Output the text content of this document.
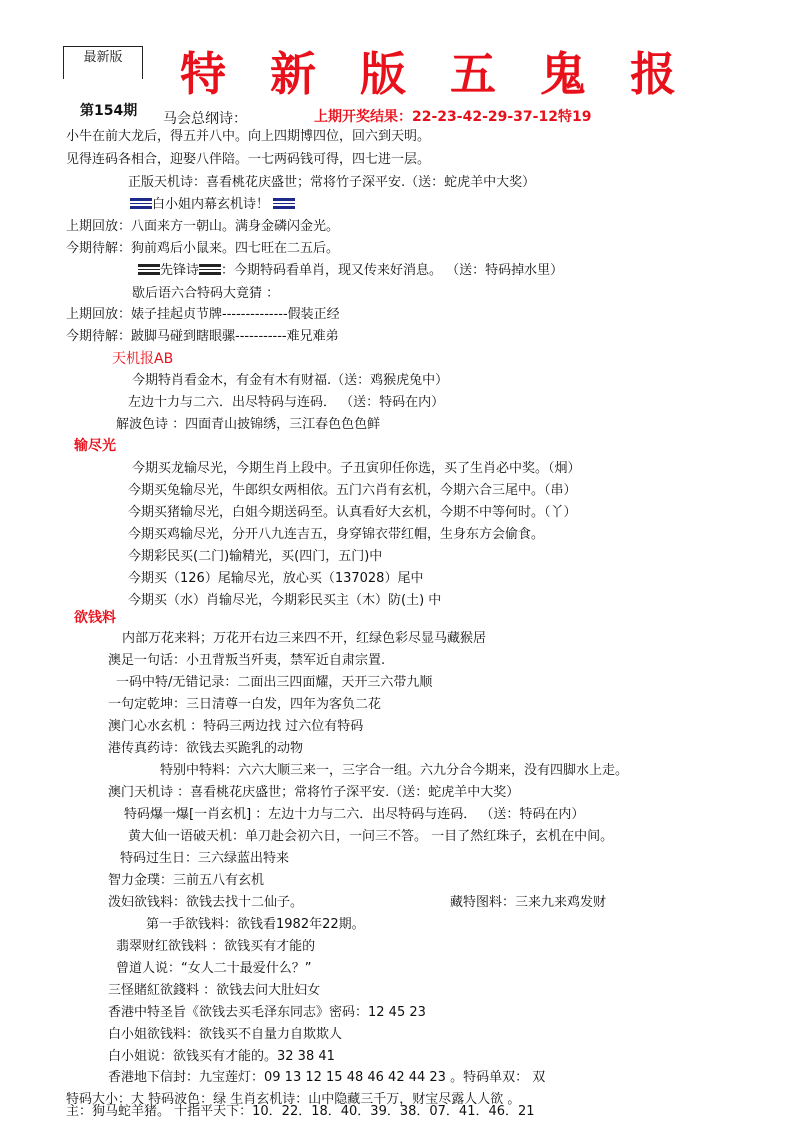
最新版	特 新 版 五 鬼 报
第154期 马会总纲诗：	上期开奖结果：22-23-42-29-37-12特19
小牛在前大龙后，得五并八中。向上四期博四位，回六到天明。
见得连码各相合，迎娶八伴陪。一七两码钱可得，四七进一层。
正版天机诗：喜看桃花庆盛世；常将竹子深平安.（送：蛇虎羊中大奖）
白小姐内幕玄机诗！
上期回放：八面来方一朝山。满身金磷闪金光。
今期待解：狗前鸡后小鼠来。四七旺在二五后。
先锋诗 ：今期特码看单肖，现又传来好消息。 （送：特码掉水里）
歇后语六合特码大竟猜 ：
上期回放：婊子挂起贞节牌--------------假装正经
今期待解：跛脚马碰到瞎眼骡-----------难兄难弟
天机报AB
今期特肖看金木，有金有木有财福.（送：鸡猴虎兔中）
左边十力与二六．出尽特码与连码． （送：特码在内）
解波色诗 ：四面青山披锦绣，三江春色色色鲜
输尽光
今期买龙输尽光，今期生肖上段中。子丑寅卯任你选，买了生肖必中奖。（炯）
今期买兔输尽光，牛郎织女两相依。五门六肖有玄机，今期六合三尾中。（串）
今期买猪输尽光，白姐今期送码至。认真看好大玄机，今期不中等何时。（丫）
今期买鸡输尽光，分开八九连吉五，身穿锦衣带红帽，生身东方会偷食。
今期彩民买(二门)输精光，买(四门，五门)中
今期买（126）尾输尽光，放心买（137028）尾中
今期买（水）肖输尽光，今期彩民买主（木）防(土) 中
欲钱料
内部万花来料；万花开右边三来四不开，红绿色彩尽显马藏猴居
澳足一句话：小丑背叛当歼夷，禁军近自肃宗置.
一码中特/无错记录：二面出三四面耀，天开三六带九顺
一句定乾坤：三日清尊一白发，四年为客负二花
澳门心水玄机 ：特码三两边找 过六位有特码
港传真药诗：欲钱去买跪乳的动物
特别中特料：六六大顺三来一，三字合一组。六九分合今期来，没有四脚水上走。
澳门天机诗 ：喜看桃花庆盛世；常将竹子深平安.（送：蛇虎羊中大奖）
特码爆一爆[一肖玄机] ：左边十力与二六．出尽特码与连码． （送：特码在内）
黄大仙一语破天机：单刀赴会初六日，一问三不答。 一目了然红珠子，玄机在中间。
特码过生日：三六绿蓝出特来
智力金璞：三前五八有玄机
泼妇欲钱料：欲钱去找十二仙子。	藏特图料：三来九来鸡发财
第一手欲钱料：欲钱看1982年22期。
翡翠财红欲钱料 ：欲钱买有才能的
曾道人说：“女人二十最爱什么？”
三怪賭紅欲錢料 ：欲钱去问大肚妇女
香港中特圣旨《欲钱去买毛泽东同志》密码：12 45 23
白小姐欲钱料：欲钱买不自量力自欺欺人
白小姐说：欲钱买有才能的。32 38 41
香港地下信封：九宝莲灯：09 13 12 15 48 46 42 44 23 。特码单双： 双
特码大小：大 特码波色：绿 生肖玄机诗：山中隐藏三千万，财宝尽露人人欲 。
主：狗马蛇羊猪。 十指平天下：10．22．18．40．39．38．07．41．46．21
